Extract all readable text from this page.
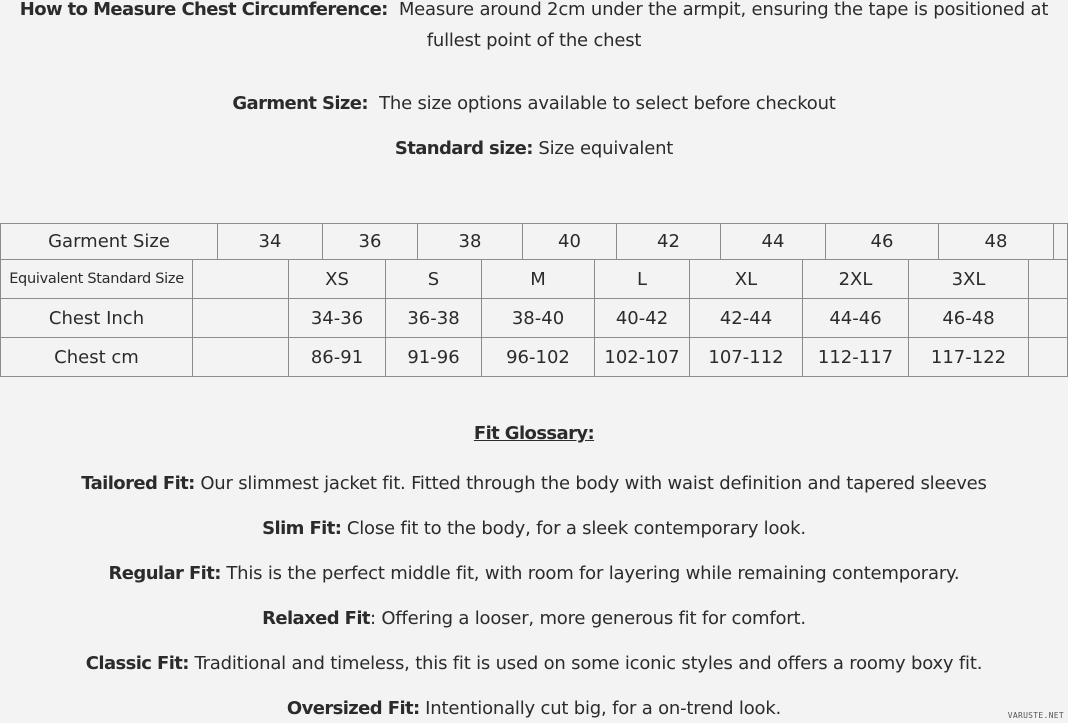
How to Measure Chest Circumference: Measure around 2cm under the armpit, ensuring the tape is positioned at fullest point of the chest
Garment Size: The size options available to select before checkout
Standard size: Size equivalent
Garment Size	34	36	38	40	42	44	46	48	
Equivalent Standard Size		XS	S	M	L	XL	2XL	3XL	
Chest Inch		34-36	36-38	38-40	40-42	42-44	44-46	46-48	
Chest cm		86-91	91-96	96-102	102-107	107-112	112-117	117-122	
Fit Glossary:
Tailored Fit: Our slimmest jacket fit. Fitted through the body with waist definition and tapered sleeves
Slim Fit: Close fit to the body, for a sleek contemporary look.
Regular Fit: This is the perfect middle fit, with room for layering while remaining contemporary.
Relaxed Fit: Offering a looser, more generous fit for comfort.
Classic Fit: Traditional and timeless, this fit is used on some iconic styles and offers a roomy boxy fit.
Oversized Fit: Intentionally cut big, for a on-trend look.	VARUSTE.NET
